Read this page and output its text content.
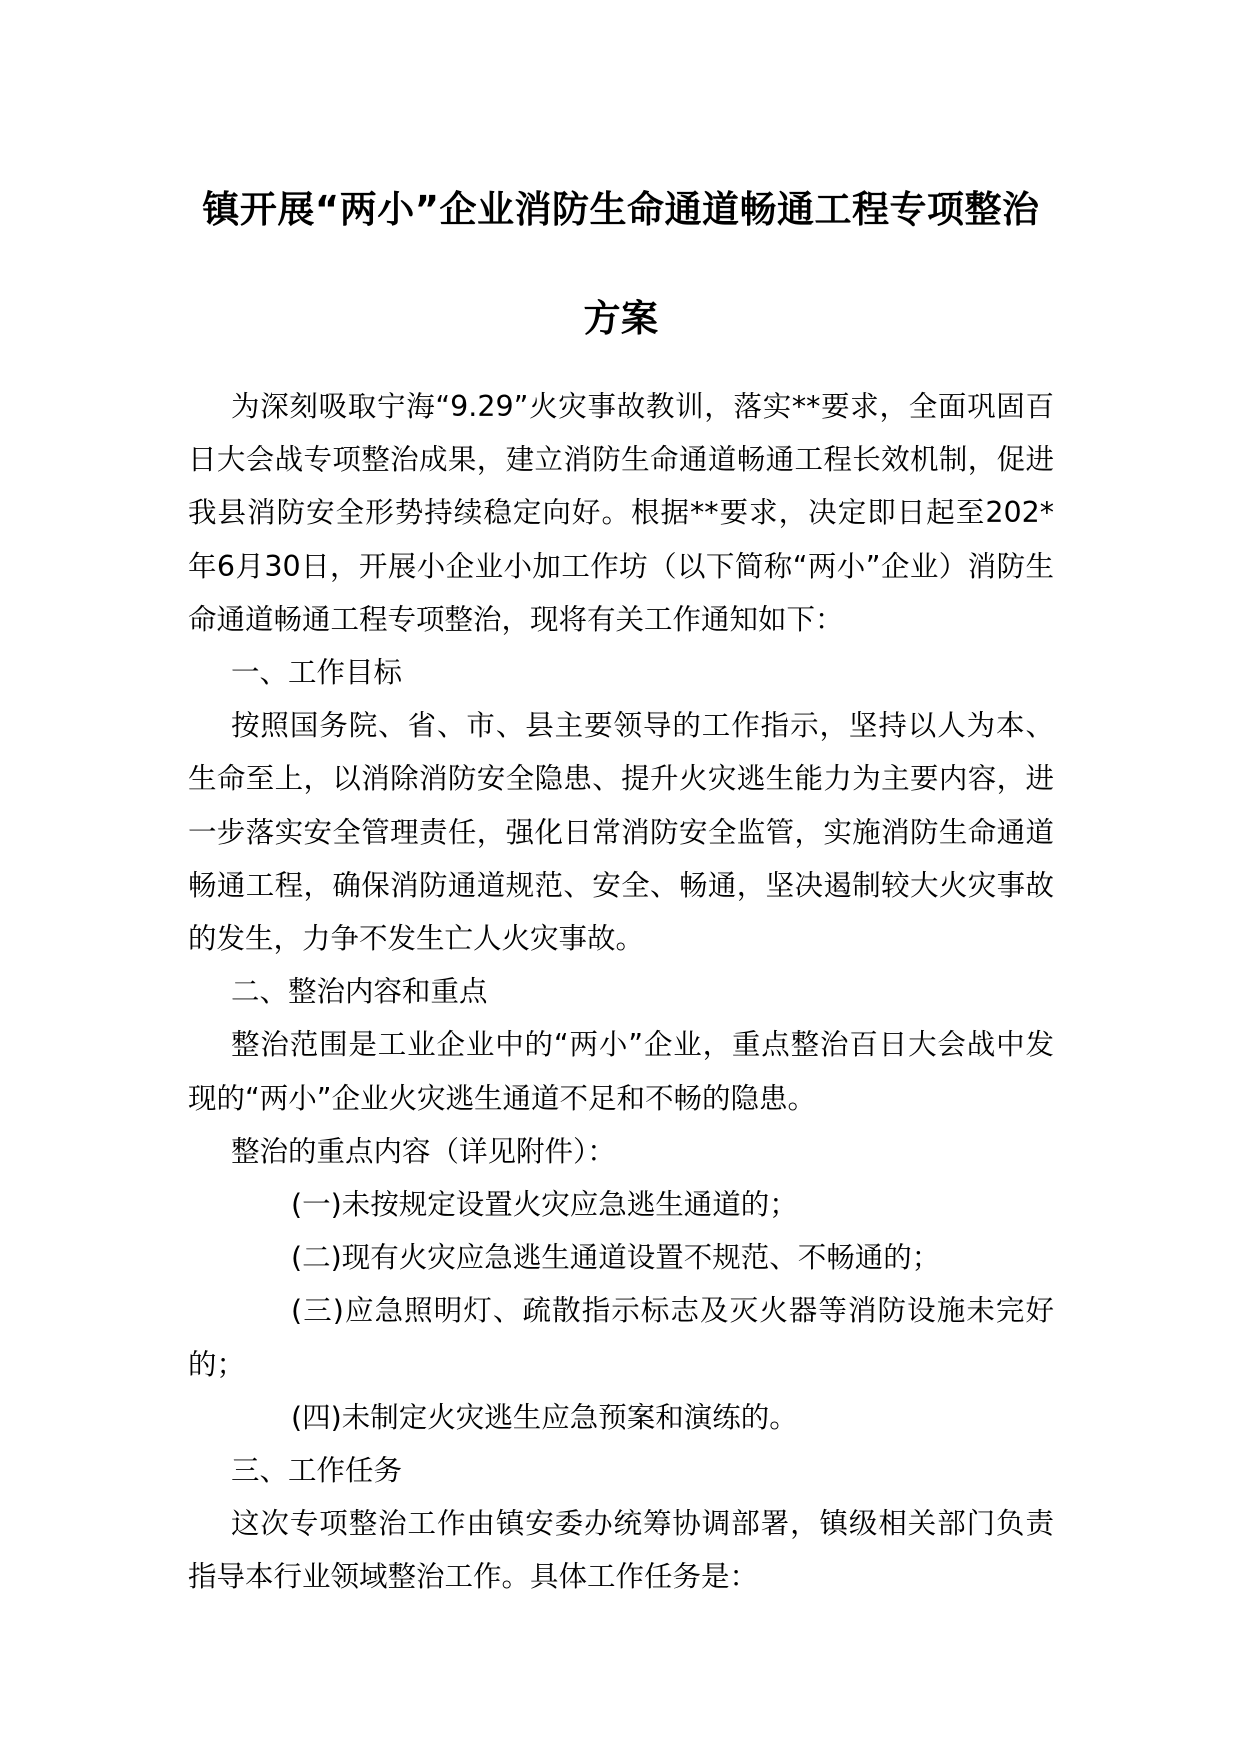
镇开展“两小”企业消防生命通道畅通工程专项整治
方案

为深刻吸取宁海“9.29”火灾事故教训，落实**要求，全面巩固百日大会战专项整治成果，建立消防生命通道畅通工程长效机制，促进我县消防安全形势持续稳定向好。根据**要求，决定即日起至202*年6月30日，开展小企业小加工作坊（以下简称“两小”企业）消防生命通道畅通工程专项整治，现将有关工作通知如下：

一、工作目标

按照国务院、省、市、县主要领导的工作指示，坚持以人为本、生命至上，以消除消防安全隐患、提升火灾逃生能力为主要内容，进一步落实安全管理责任，强化日常消防安全监管，实施消防生命通道畅通工程，确保消防通道规范、安全、畅通，坚决遏制较大火灾事故的发生，力争不发生亡人火灾事故。

二、整治内容和重点

整治范围是工业企业中的“两小”企业，重点整治百日大会战中发现的“两小”企业火灾逃生通道不足和不畅的隐患。

整治的重点内容（详见附件）：

(一)未按规定设置火灾应急逃生通道的；

(二)现有火灾应急逃生通道设置不规范、不畅通的；

(三)应急照明灯、疏散指示标志及灭火器等消防设施未完好的；

(四)未制定火灾逃生应急预案和演练的。

三、工作任务

这次专项整治工作由镇安委办统筹协调部署，镇级相关部门负责指导本行业领域整治工作。具体工作任务是：
